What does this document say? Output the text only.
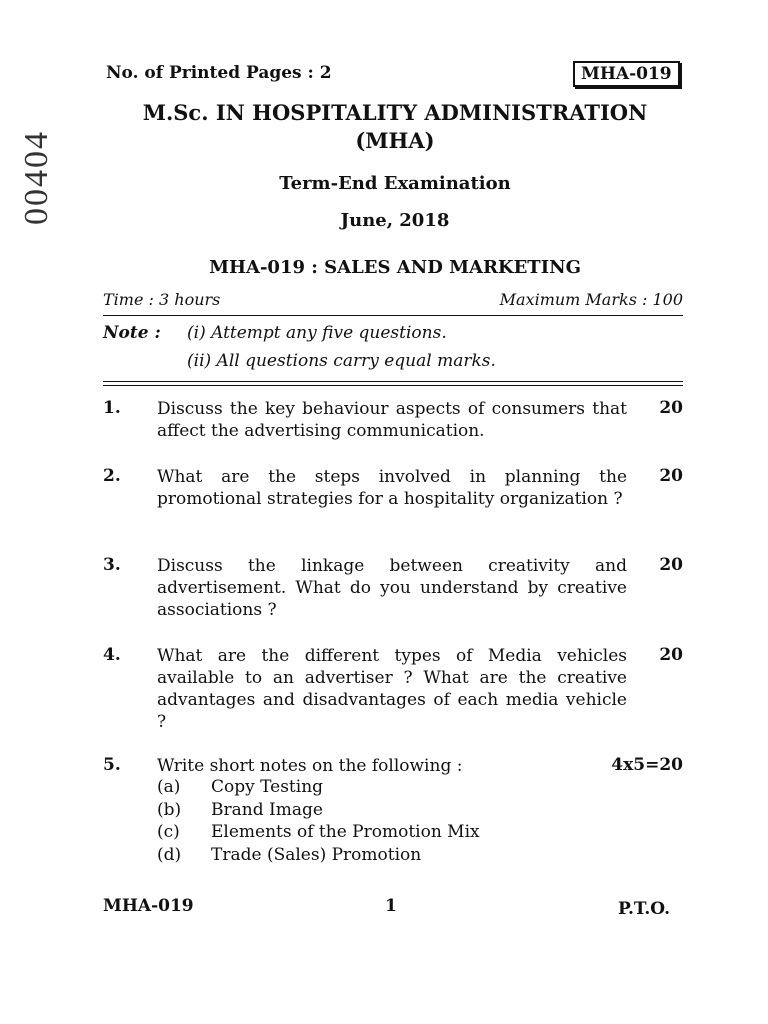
00404
No. of Printed Pages : 2	MHA-019
M.Sc. IN HOSPITALITY ADMINISTRATION
(MHA)
Term-End Examination
June, 2018
MHA-019 : SALES AND MARKETING
Time : 3 hours	Maximum Marks : 100
Note : (i) Attempt any five questions.
(ii) All questions carry equal marks.
1. Discuss the key behaviour aspects of consumers that affect the advertising communication.
20
2. What are the steps involved in planning the promotional strategies for a hospitality organization ?
20
3. Discuss the linkage between creativity and advertisement. What do you understand by creative associations ?
20
4. What are the different types of Media vehicles available to an advertiser ? What are the creative advantages and disadvantages of each media vehicle ?
20
5. Write short notes on the following :	4x5=20
(a)	Copy Testing
(b)	Brand Image
(c)	Elements of the Promotion Mix
(d)	Trade (Sales) Promotion
MHA-019	1	P.T.O.
